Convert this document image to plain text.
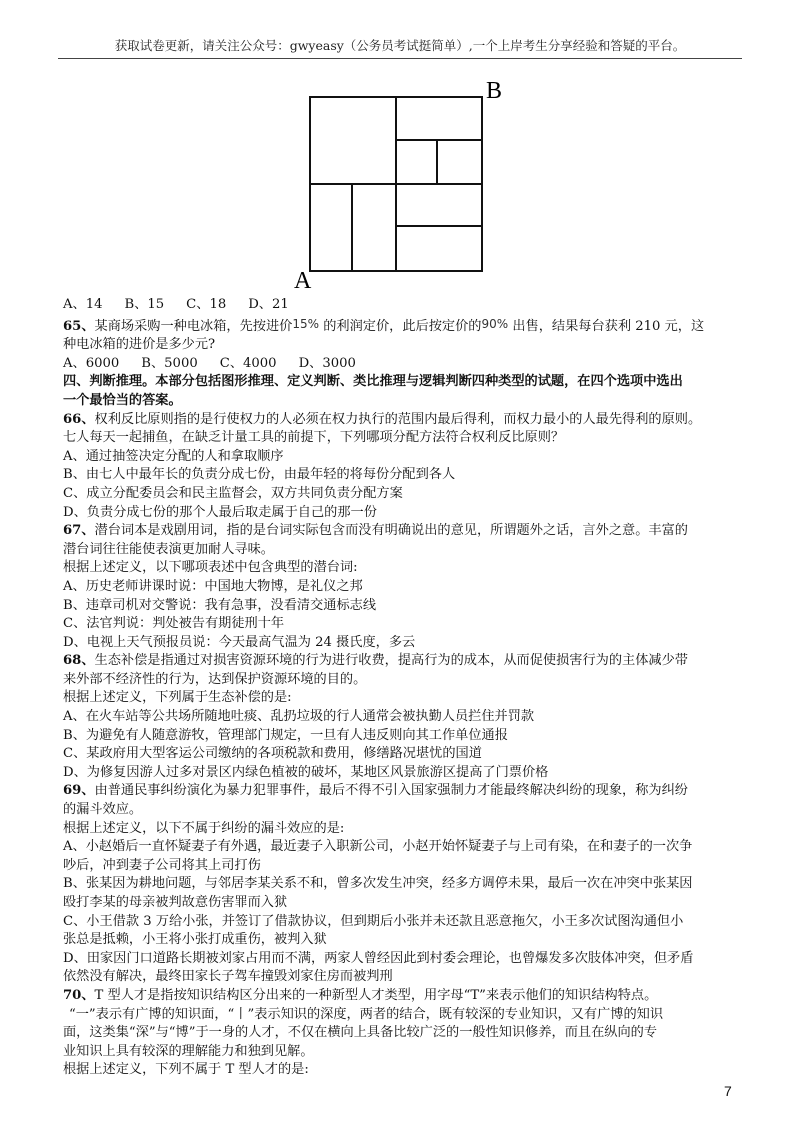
获取试卷更新，请关注公众号：gwyeasy（公务员考试挺简单）,一个上岸考生分享经验和答疑的平台。
B
A

A、14 B、15 C、18 D、21

65、某商场采购一种电冰箱，先按进价15% 的利润定价，此后按定价的90% 出售，结果每台获利 210 元，这

种电冰箱的进价是多少元?

A、6000 B、5000 C、4000 D、3000

四、判断推理。本部分包括图形推理、定义判断、类比推理与逻辑判断四种类型的试题，在四个选项中选出

一个最恰当的答案。

66、权利反比原则指的是行使权力的人必须在权力执行的范围内最后得利，而权力最小的人最先得利的原则。

七人每天一起捕鱼，在缺乏计量工具的前提下，下列哪项分配方法符合权利反比原则？

A、通过抽签决定分配的人和拿取顺序

B、由七人中最年长的负责分成七份，由最年轻的将每份分配到各人

C、成立分配委员会和民主监督会，双方共同负责分配方案

D、负责分成七份的那个人最后取走属于自己的那一份

67、潜台词本是戏剧用词，指的是台词实际包含而没有明确说出的意见，所谓题外之话，言外之意。丰富的

潜台词往往能使表演更加耐人寻味。

根据上述定义，以下哪项表述中包含典型的潜台词:

A、历史老师讲课时说：中国地大物博，是礼仪之邦

B、违章司机对交警说：我有急事，没看清交通标志线

C、法官判说：判处被告有期徒刑十年

D、电视上天气预报员说：今天最高气温为 24 摄氏度，多云

68、生态补偿是指通过对损害资源环境的行为进行收费，提高行为的成本，从而促使损害行为的主体减少带

来外部不经济性的行为，达到保护资源环境的目的。

根据上述定义，下列属于生态补偿的是:

A、在火车站等公共场所随地吐痰、乱扔垃圾的行人通常会被执勤人员拦住并罚款

B、为避免有人随意游牧，管理部门规定，一旦有人违反则向其工作单位通报

C、某政府用大型客运公司缴纳的各项税款和费用，修缮路况堪忧的国道

D、为修复因游人过多对景区内绿色植被的破坏，某地区风景旅游区提高了门票价格

69、由普通民事纠纷演化为暴力犯罪事件，最后不得不引入国家强制力才能最终解决纠纷的现象，称为纠纷

的漏斗效应。

根据上述定义，以下不属于纠纷的漏斗效应的是:

A、小赵婚后一直怀疑妻子有外遇，最近妻子入职新公司，小赵开始怀疑妻子与上司有染，在和妻子的一次争

吵后，冲到妻子公司将其上司打伤

B、张某因为耕地问题，与邻居李某关系不和，曾多次发生冲突，经多方调停未果，最后一次在冲突中张某因

殴打李某的母亲被判故意伤害罪而入狱

C、小王借款 3 万给小张，并签订了借款协议，但到期后小张并未还款且恶意拖欠，小王多次试图沟通但小

张总是抵赖，小王将小张打成重伤，被判入狱

D、田家因门口道路长期被刘家占用而不满，两家人曾经因此到村委会理论，也曾爆发多次肢体冲突，但矛盾

依然没有解决，最终田家长子驾车撞毁刘家住房而被判刑

70、T 型人才是指按知识结构区分出来的一种新型人才类型，用字母“T”来表示他们的知识结构特点。

“一”表示有广博的知识面，“丨”表示知识的深度，两者的结合，既有较深的专业知识，又有广博的知识

面，这类集“深”与“博”于一身的人才，不仅在横向上具备比较广泛的一般性知识修养，而且在纵向的专

业知识上具有较深的理解能力和独到见解。

根据上述定义，下列不属于 T 型人才的是:

7
